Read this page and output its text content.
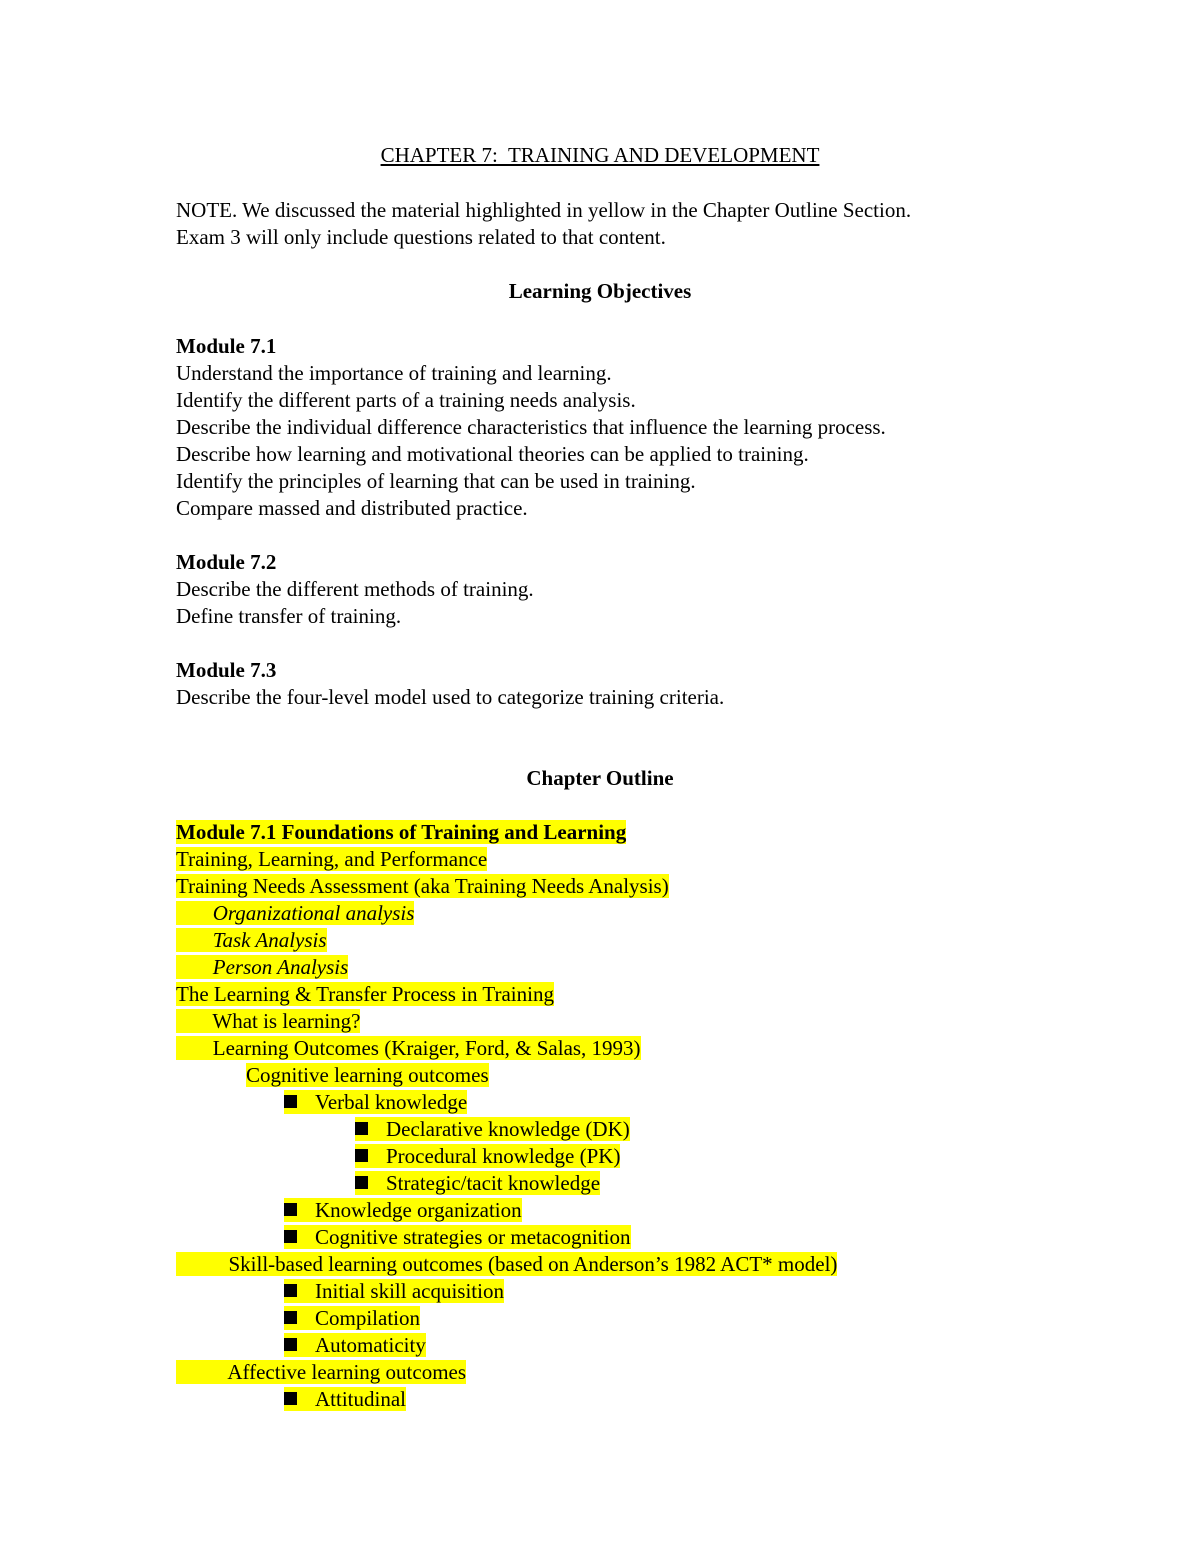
CHAPTER 7:  TRAINING AND DEVELOPMENT
NOTE. We discussed the material highlighted in yellow in the Chapter Outline Section.
Exam 3 will only include questions related to that content.
Learning Objectives
Module 7.1
Understand the importance of training and learning.
Identify the different parts of a training needs analysis.
Describe the individual difference characteristics that influence the learning process.
Describe how learning and motivational theories can be applied to training.
Identify the principles of learning that can be used in training.
Compare massed and distributed practice.
Module 7.2
Describe the different methods of training.
Define transfer of training.
Module 7.3
Describe the four-level model used to categorize training criteria.
Chapter Outline
Module 7.1 Foundations of Training and Learning
Training, Learning, and Performance
Training Needs Assessment (aka Training Needs Analysis)
Organizational analysis
Task Analysis
Person Analysis
The Learning & Transfer Process in Training
What is learning?
Learning Outcomes (Kraiger, Ford, & Salas, 1993)
Cognitive learning outcomes
Verbal knowledge
Declarative knowledge (DK)
Procedural knowledge (PK)
Strategic/tacit knowledge
Knowledge organization
Cognitive strategies or metacognition
Skill-based learning outcomes (based on Anderson’s 1982 ACT* model)
Initial skill acquisition
Compilation
Automaticity
Affective learning outcomes
Attitudinal
